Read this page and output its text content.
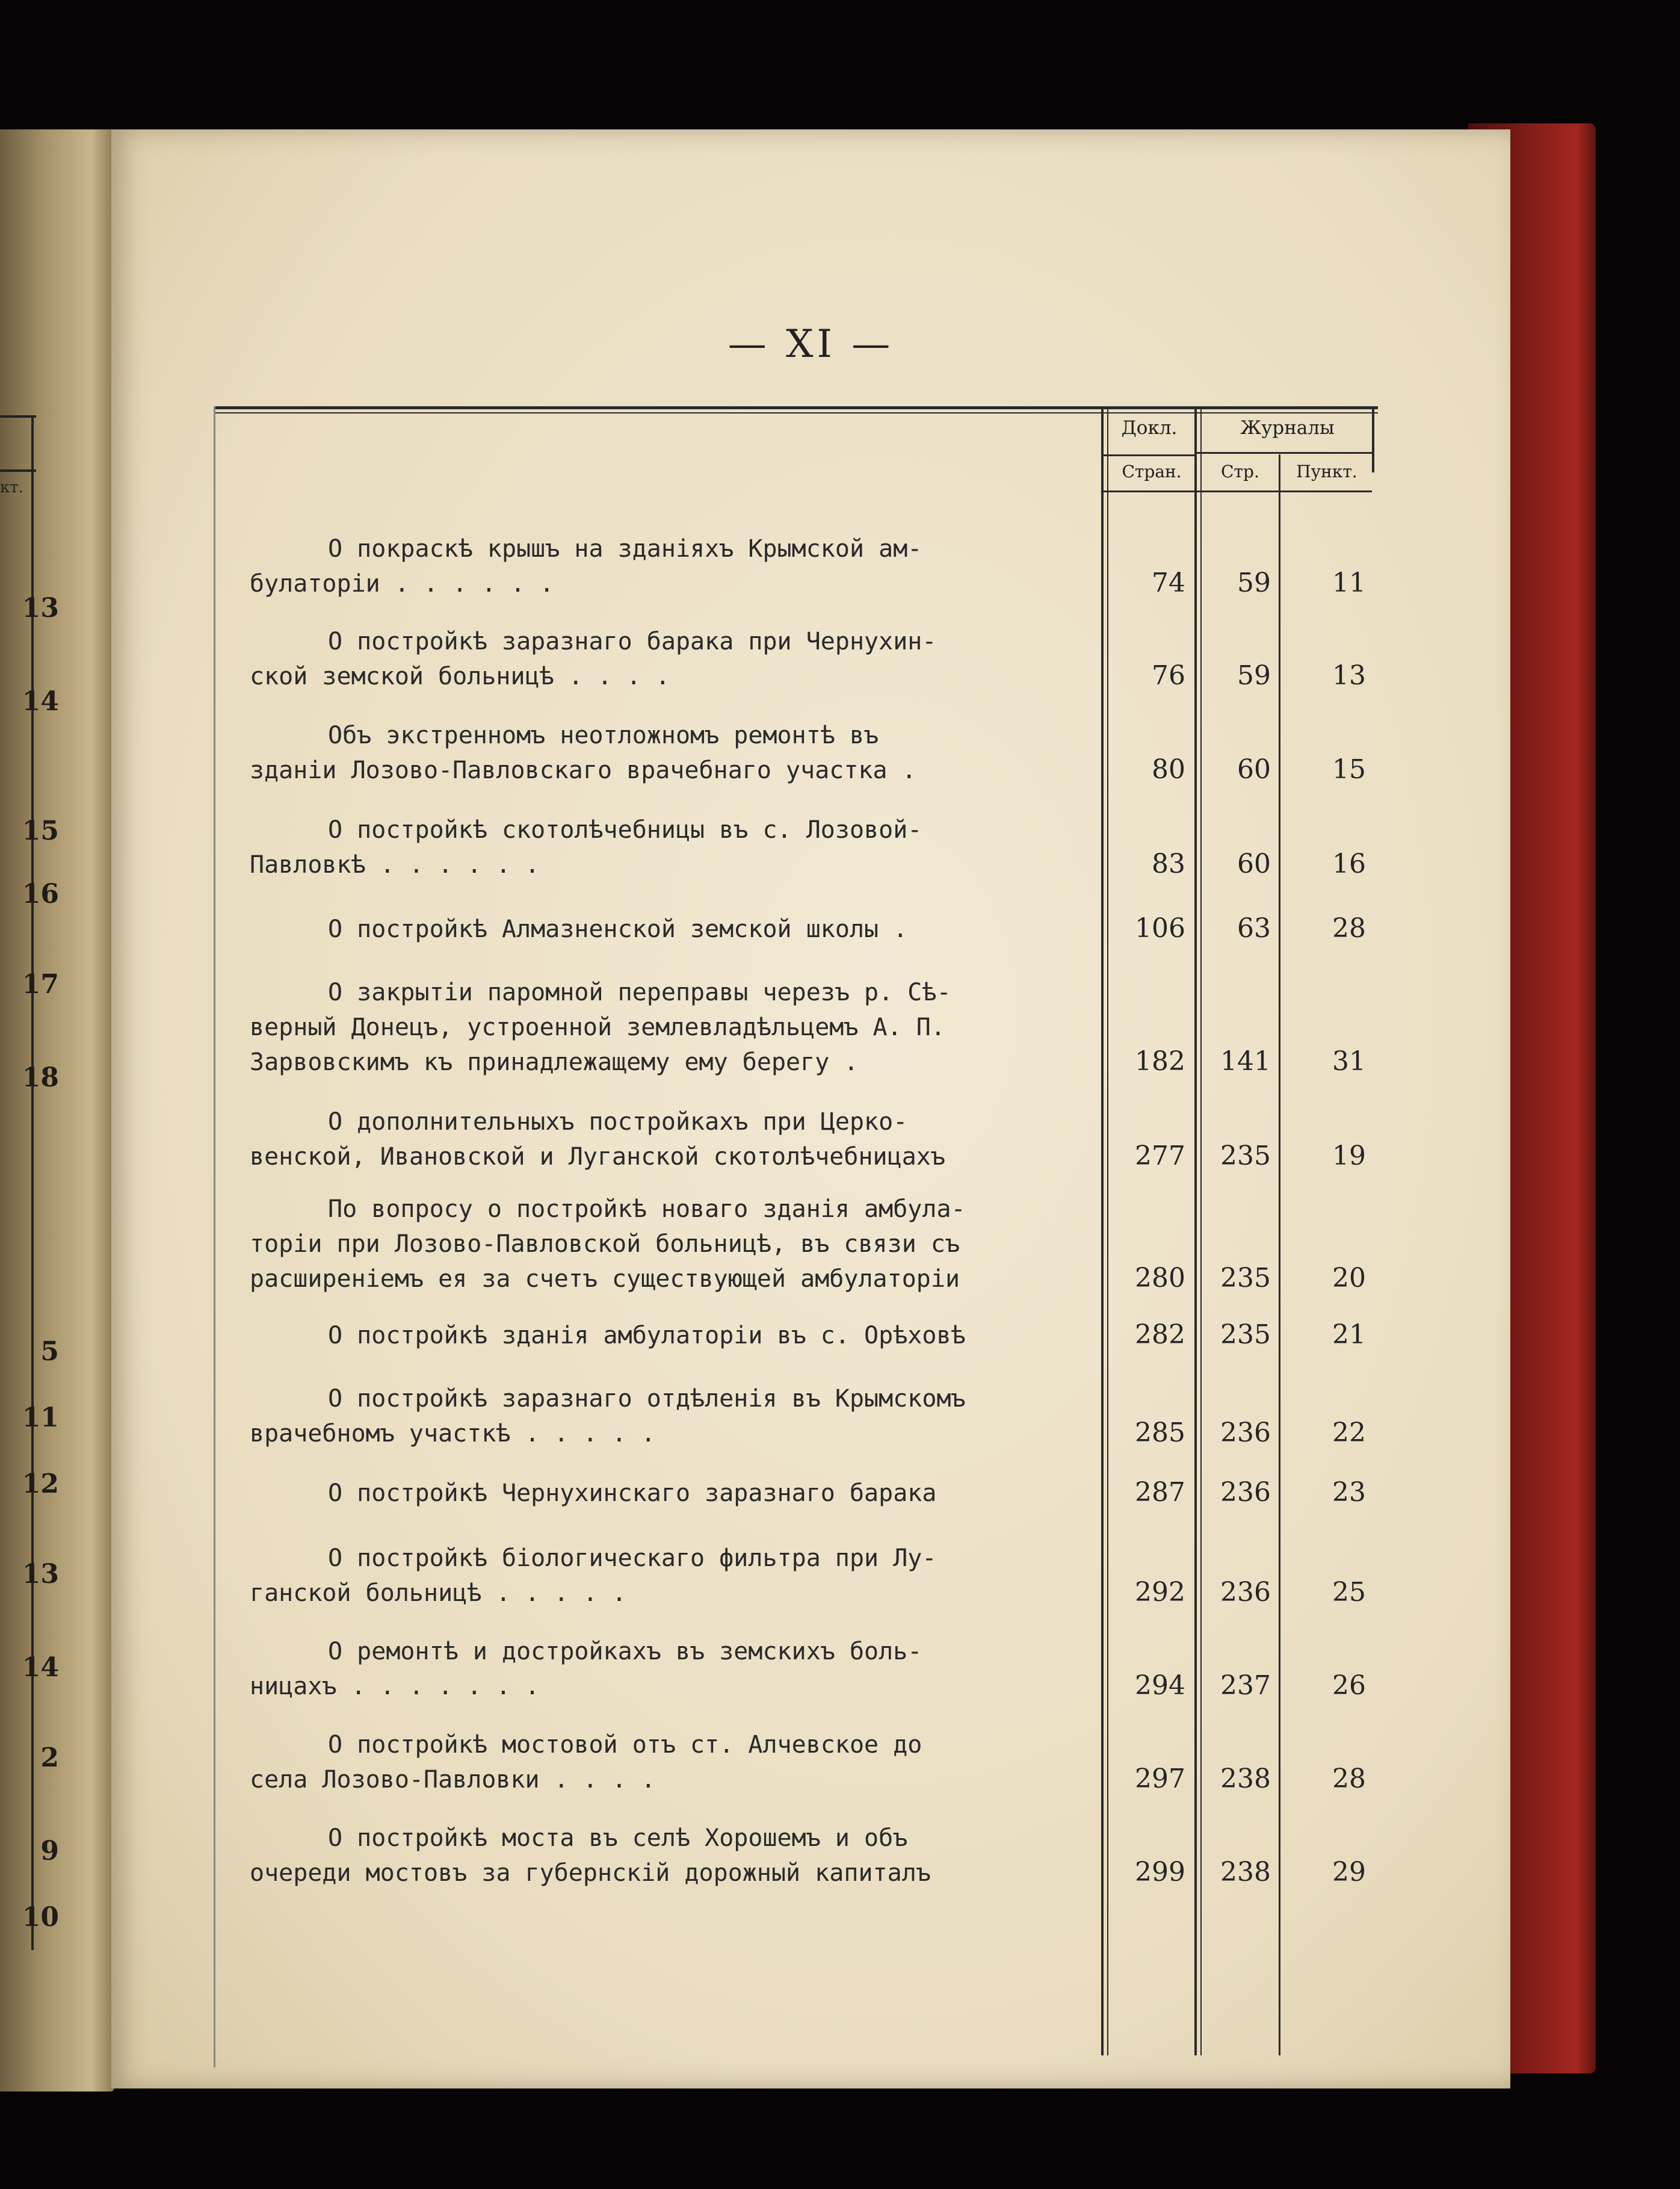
кт.
13
14
15
16
17
18
5
11
12
13
14
2
9
10
— XI —
Докл.	Журналы
Стран.	Стр.	Пункт.
О покраскѣ крышъ на зданіяхъ Крымской ам-
булаторіи . . . . . .	74	59	11
О постройкѣ заразнаго барака при Чернухин-
ской земской больницѣ . . . .	76	59	13
Объ экстренномъ неотложномъ ремонтѣ въ
зданіи Лозово-Павловскаго врачебнаго участка .	80	60	15
О постройкѣ скотолѣчебницы въ с. Лозовой-
Павловкѣ . . . . . .	83	60	16
О постройкѣ Алмазненской земской школы .	106	63	28
О закрытіи паромной переправы черезъ р. Сѣ-
верный Донецъ, устроенной землевладѣльцемъ А. П.
Зарвовскимъ къ принадлежащему ему берегу .	182	141	31
О дополнительныхъ постройкахъ при Церко-
венской, Ивановской и Луганской скотолѣчебницахъ	277	235	19
По вопросу о постройкѣ новаго зданія амбула-
торіи при Лозово-Павловской больницѣ, въ связи съ
расширеніемъ ея за счетъ существующей амбулаторіи	280	235	20
О постройкѣ зданія амбулаторіи въ с. Орѣховѣ	282	235	21
О постройкѣ заразнаго отдѣленія въ Крымскомъ
врачебномъ участкѣ . . . . .	285	236	22
О постройкѣ Чернухинскаго заразнаго барака	287	236	23
О постройкѣ біологическаго фильтра при Лу-
ганской больницѣ . . . . .	292	236	25
О ремонтѣ и достройкахъ въ земскихъ боль-
ницахъ . . . . . . .	294	237	26
О постройкѣ мостовой отъ ст. Алчевское до
села Лозово-Павловки . . . .	297	238	28
О постройкѣ моста въ селѣ Хорошемъ и объ
очереди мостовъ за губернскій дорожный капиталъ	299	238	29
